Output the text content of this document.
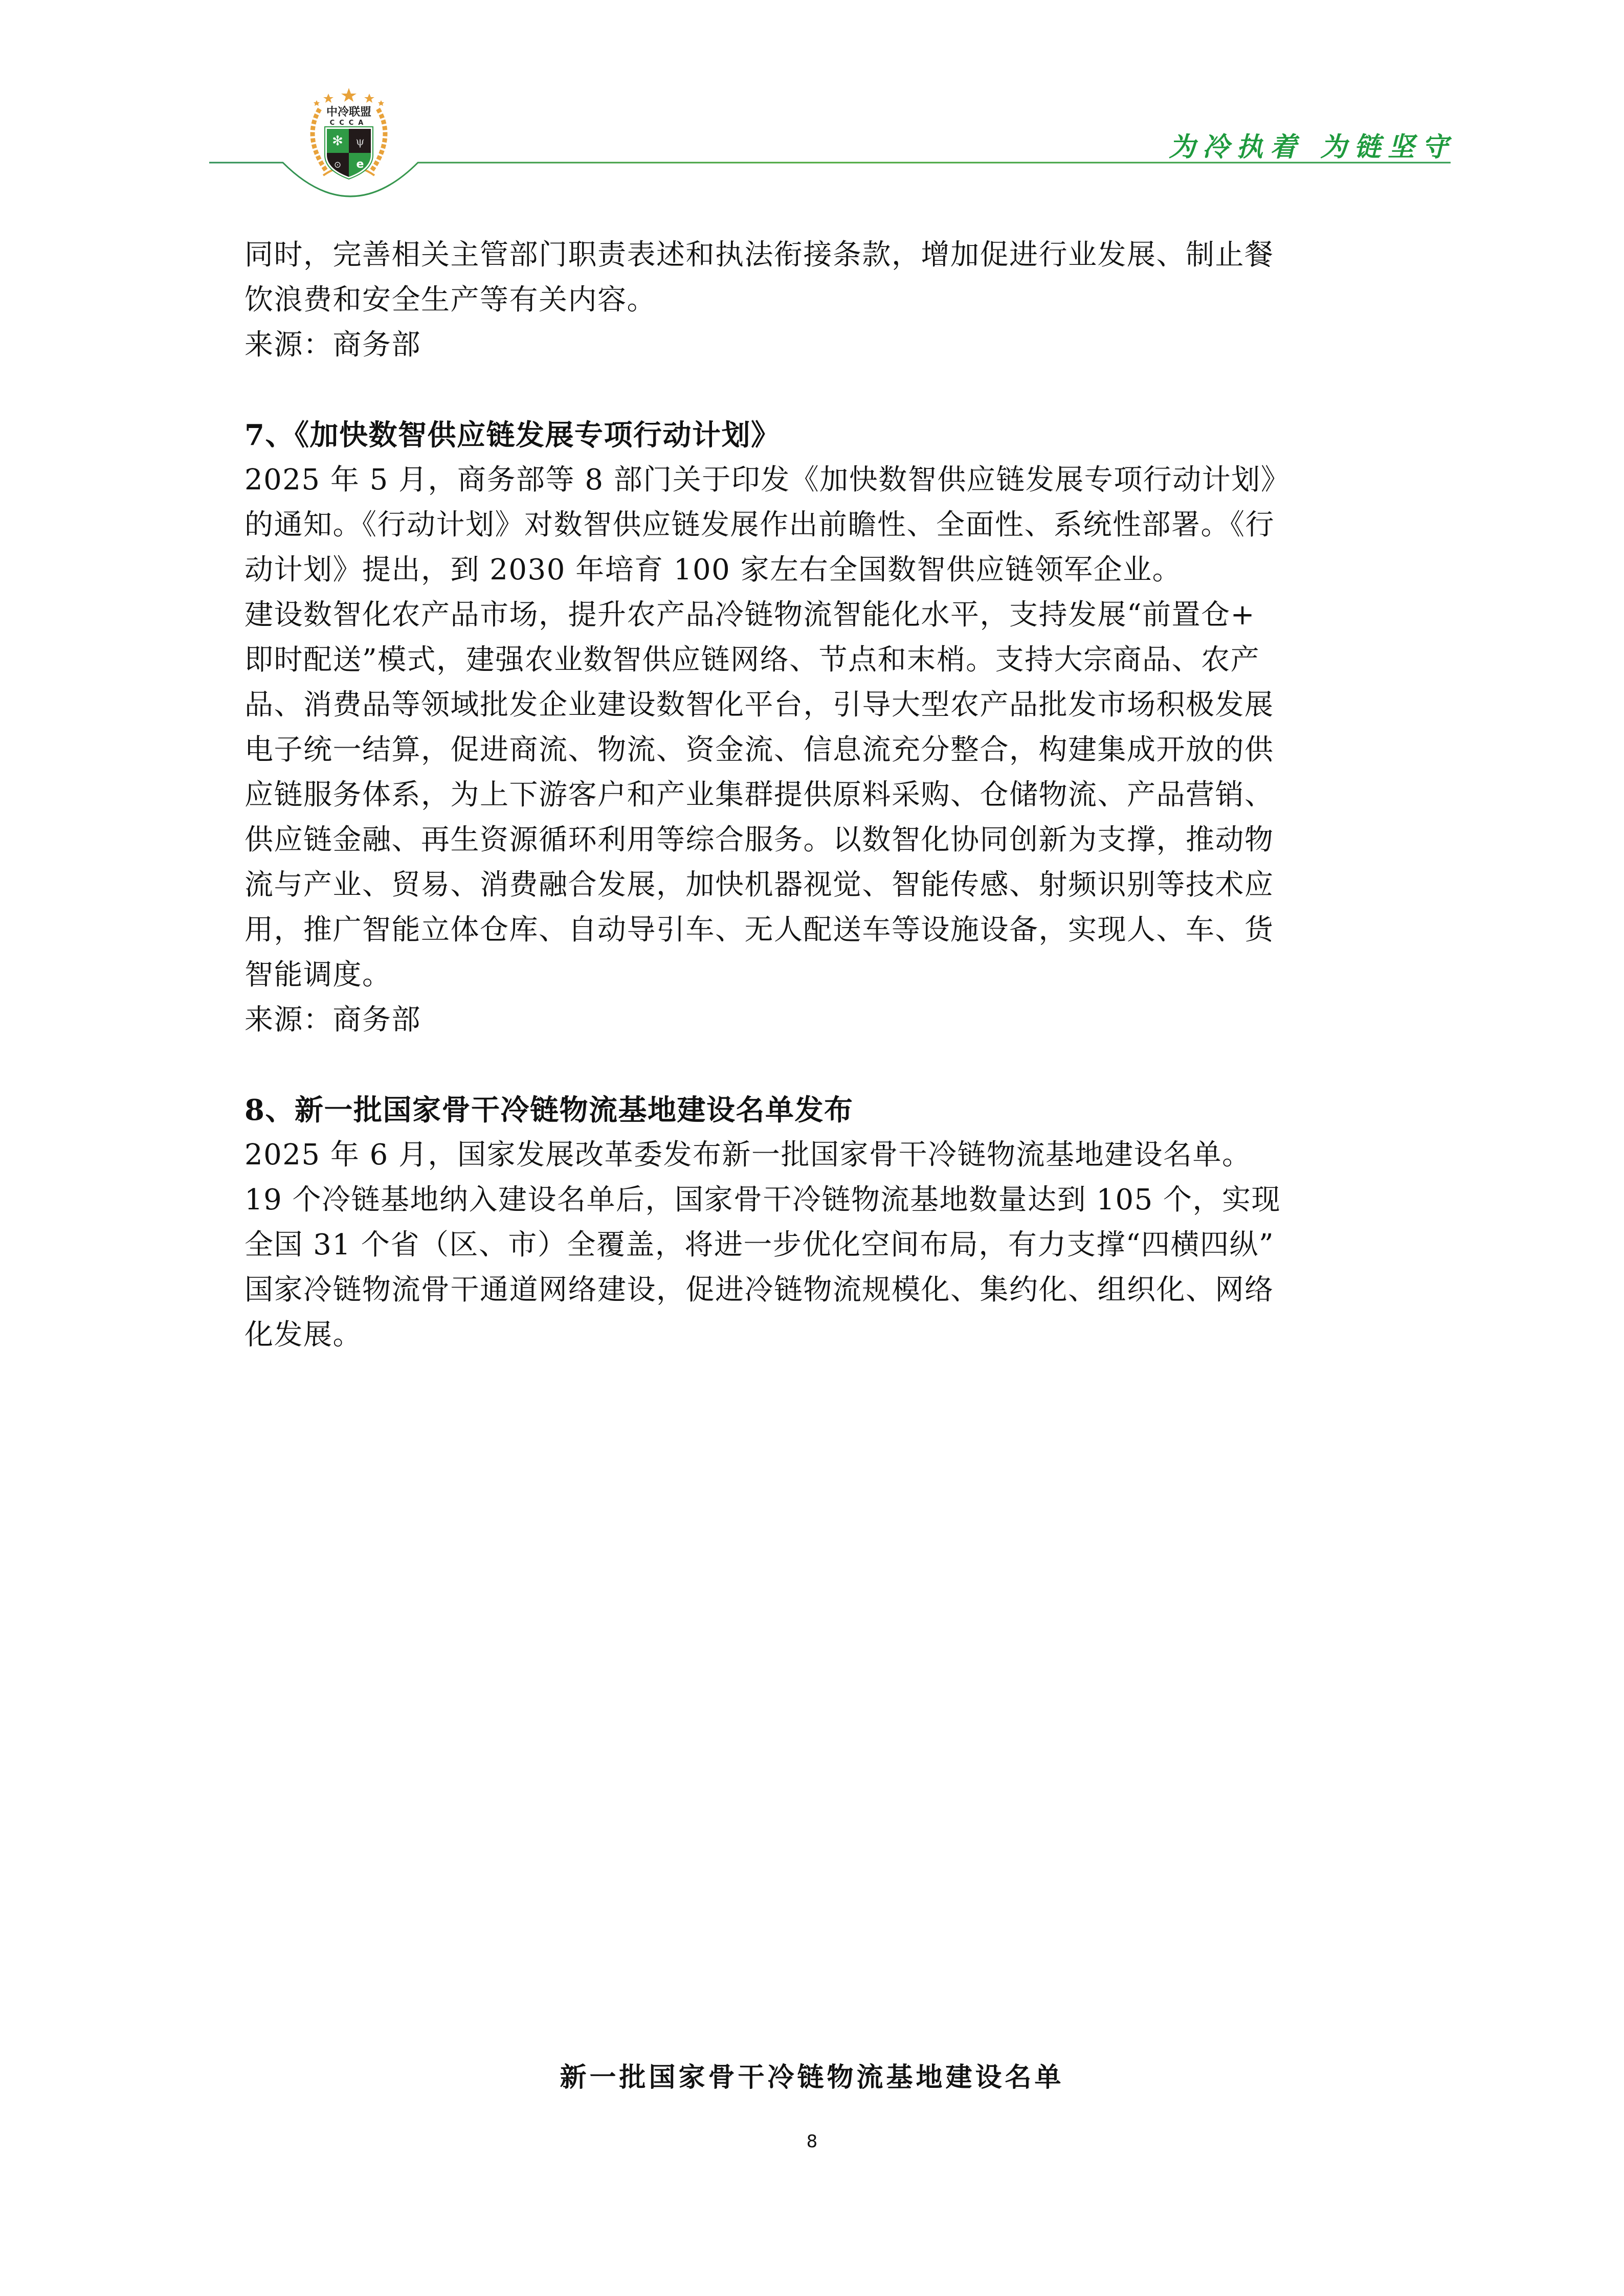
中冷联盟
CCCA
✻ ψ
⊙ e
为冷执着 为链坚守

同时，完善相关主管部门职责表述和执法衔接条款，增加促进行业发展、制止餐

饮浪费和安全生产等有关内容。

来源：商务部

7、《加快数智供应链发展专项行动计划》

2025 年 5 月，商务部等 8 部门关于印发《加快数智供应链发展专项行动计划》

的通知。《行动计划》对数智供应链发展作出前瞻性、全面性、系统性部署。《行

动计划》提出，到 2030 年培育 100 家左右全国数智供应链领军企业。

建设数智化农产品市场，提升农产品冷链物流智能化水平，支持发展“前置仓+

即时配送”模式，建强农业数智供应链网络、节点和末梢。支持大宗商品、农产

品、消费品等领域批发企业建设数智化平台，引导大型农产品批发市场积极发展

电子统一结算，促进商流、物流、资金流、信息流充分整合，构建集成开放的供

应链服务体系，为上下游客户和产业集群提供原料采购、仓储物流、产品营销、

供应链金融、再生资源循环利用等综合服务。以数智化协同创新为支撑，推动物

流与产业、贸易、消费融合发展，加快机器视觉、智能传感、射频识别等技术应

用，推广智能立体仓库、自动导引车、无人配送车等设施设备，实现人、车、货

智能调度。

来源：商务部

8、新一批国家骨干冷链物流基地建设名单发布

2025 年 6 月，国家发展改革委发布新一批国家骨干冷链物流基地建设名单。

19 个冷链基地纳入建设名单后，国家骨干冷链物流基地数量达到 105 个，实现

全国 31 个省（区、市）全覆盖，将进一步优化空间布局，有力支撑“四横四纵”

国家冷链物流骨干通道网络建设，促进冷链物流规模化、集约化、组织化、网络

化发展。

新一批国家骨干冷链物流基地建设名单
8
